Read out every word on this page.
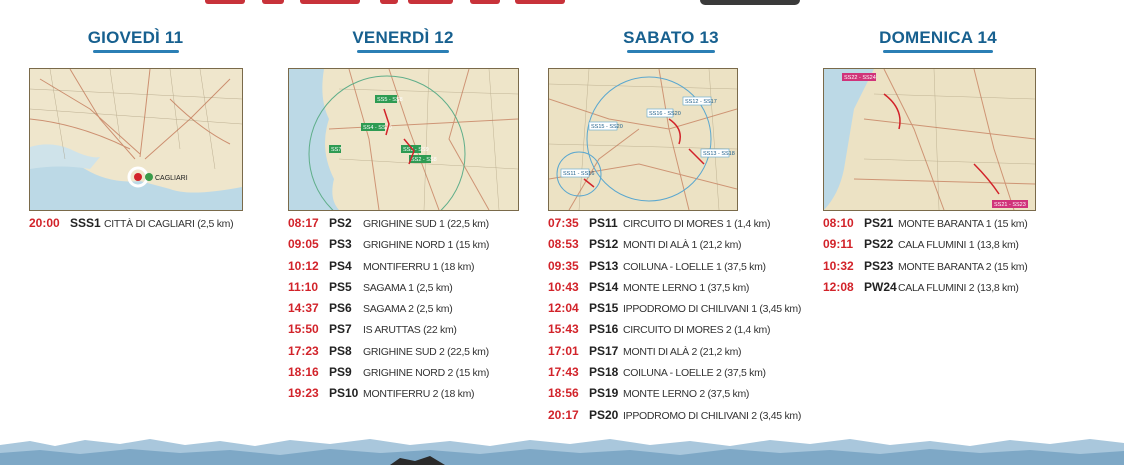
GIOVEDÌ 11
CAGLIARI
20:00 SSS1 CITTÀ DI CAGLIARI (2,5 km)
VENERDÌ 12
SS5 - SS8
SS4 - SS10
SS7	SS3 - SS9
SS2 - SS8
08:17 PS2	GRIGHINE SUD 1 (22,5 km)
09:05 PS3	GRIGHINE NORD 1 (15 km)
10:12 PS4	MONTIFERRU 1 (18 km)
11:10 PS5	SAGAMA 1 (2,5 km)
14:37 PS6	SAGAMA 2 (2,5 km)
15:50 PS7	IS ARUTTAS (22 km)
17:23 PS8	GRIGHINE SUD 2 (22,5 km)
18:16 PS9	GRIGHINE NORD 2 (15 km)
19:23 PS10 MONTIFERRU 2 (18 km)
SABATO 13
SS15 - SS20
SS16 - SS20
SS12 - SS17
SS11 - SS16
SS13 - SS18
07:35 PS11 CIRCUITO DI MORES 1 (1,4 km)
08:53 PS12 MONTI DI ALÀ 1 (21,2 km)
09:35 PS13 COILUNA - LOELLE 1 (37,5 km)
10:43 PS14 MONTE LERNO 1 (37,5 km)
12:04 PS15 IPPODROMO DI CHILIVANI 1 (3,45 km)
15:43 PS16 CIRCUITO DI MORES 2 (1,4 km)
17:01 PS17 MONTI DI ALÀ 2 (21,2 km)
17:43 PS18 COILUNA - LOELLE 2 (37,5 km)
18:56 PS19 MONTE LERNO 2 (37,5 km)
20:17 PS20 IPPODROMO DI CHILIVANI 2 (3,45 km)
DOMENICA 14
SS22 - SS24
SS21 - SS23
08:10 PS21 MONTE BARANTA 1 (15 km)
09:11 PS22 CALA FLUMINI 1 (13,8 km)
10:32 PS23 MONTE BARANTA 2 (15 km)
12:08 PW24 CALA FLUMINI 2 (13,8 km)
